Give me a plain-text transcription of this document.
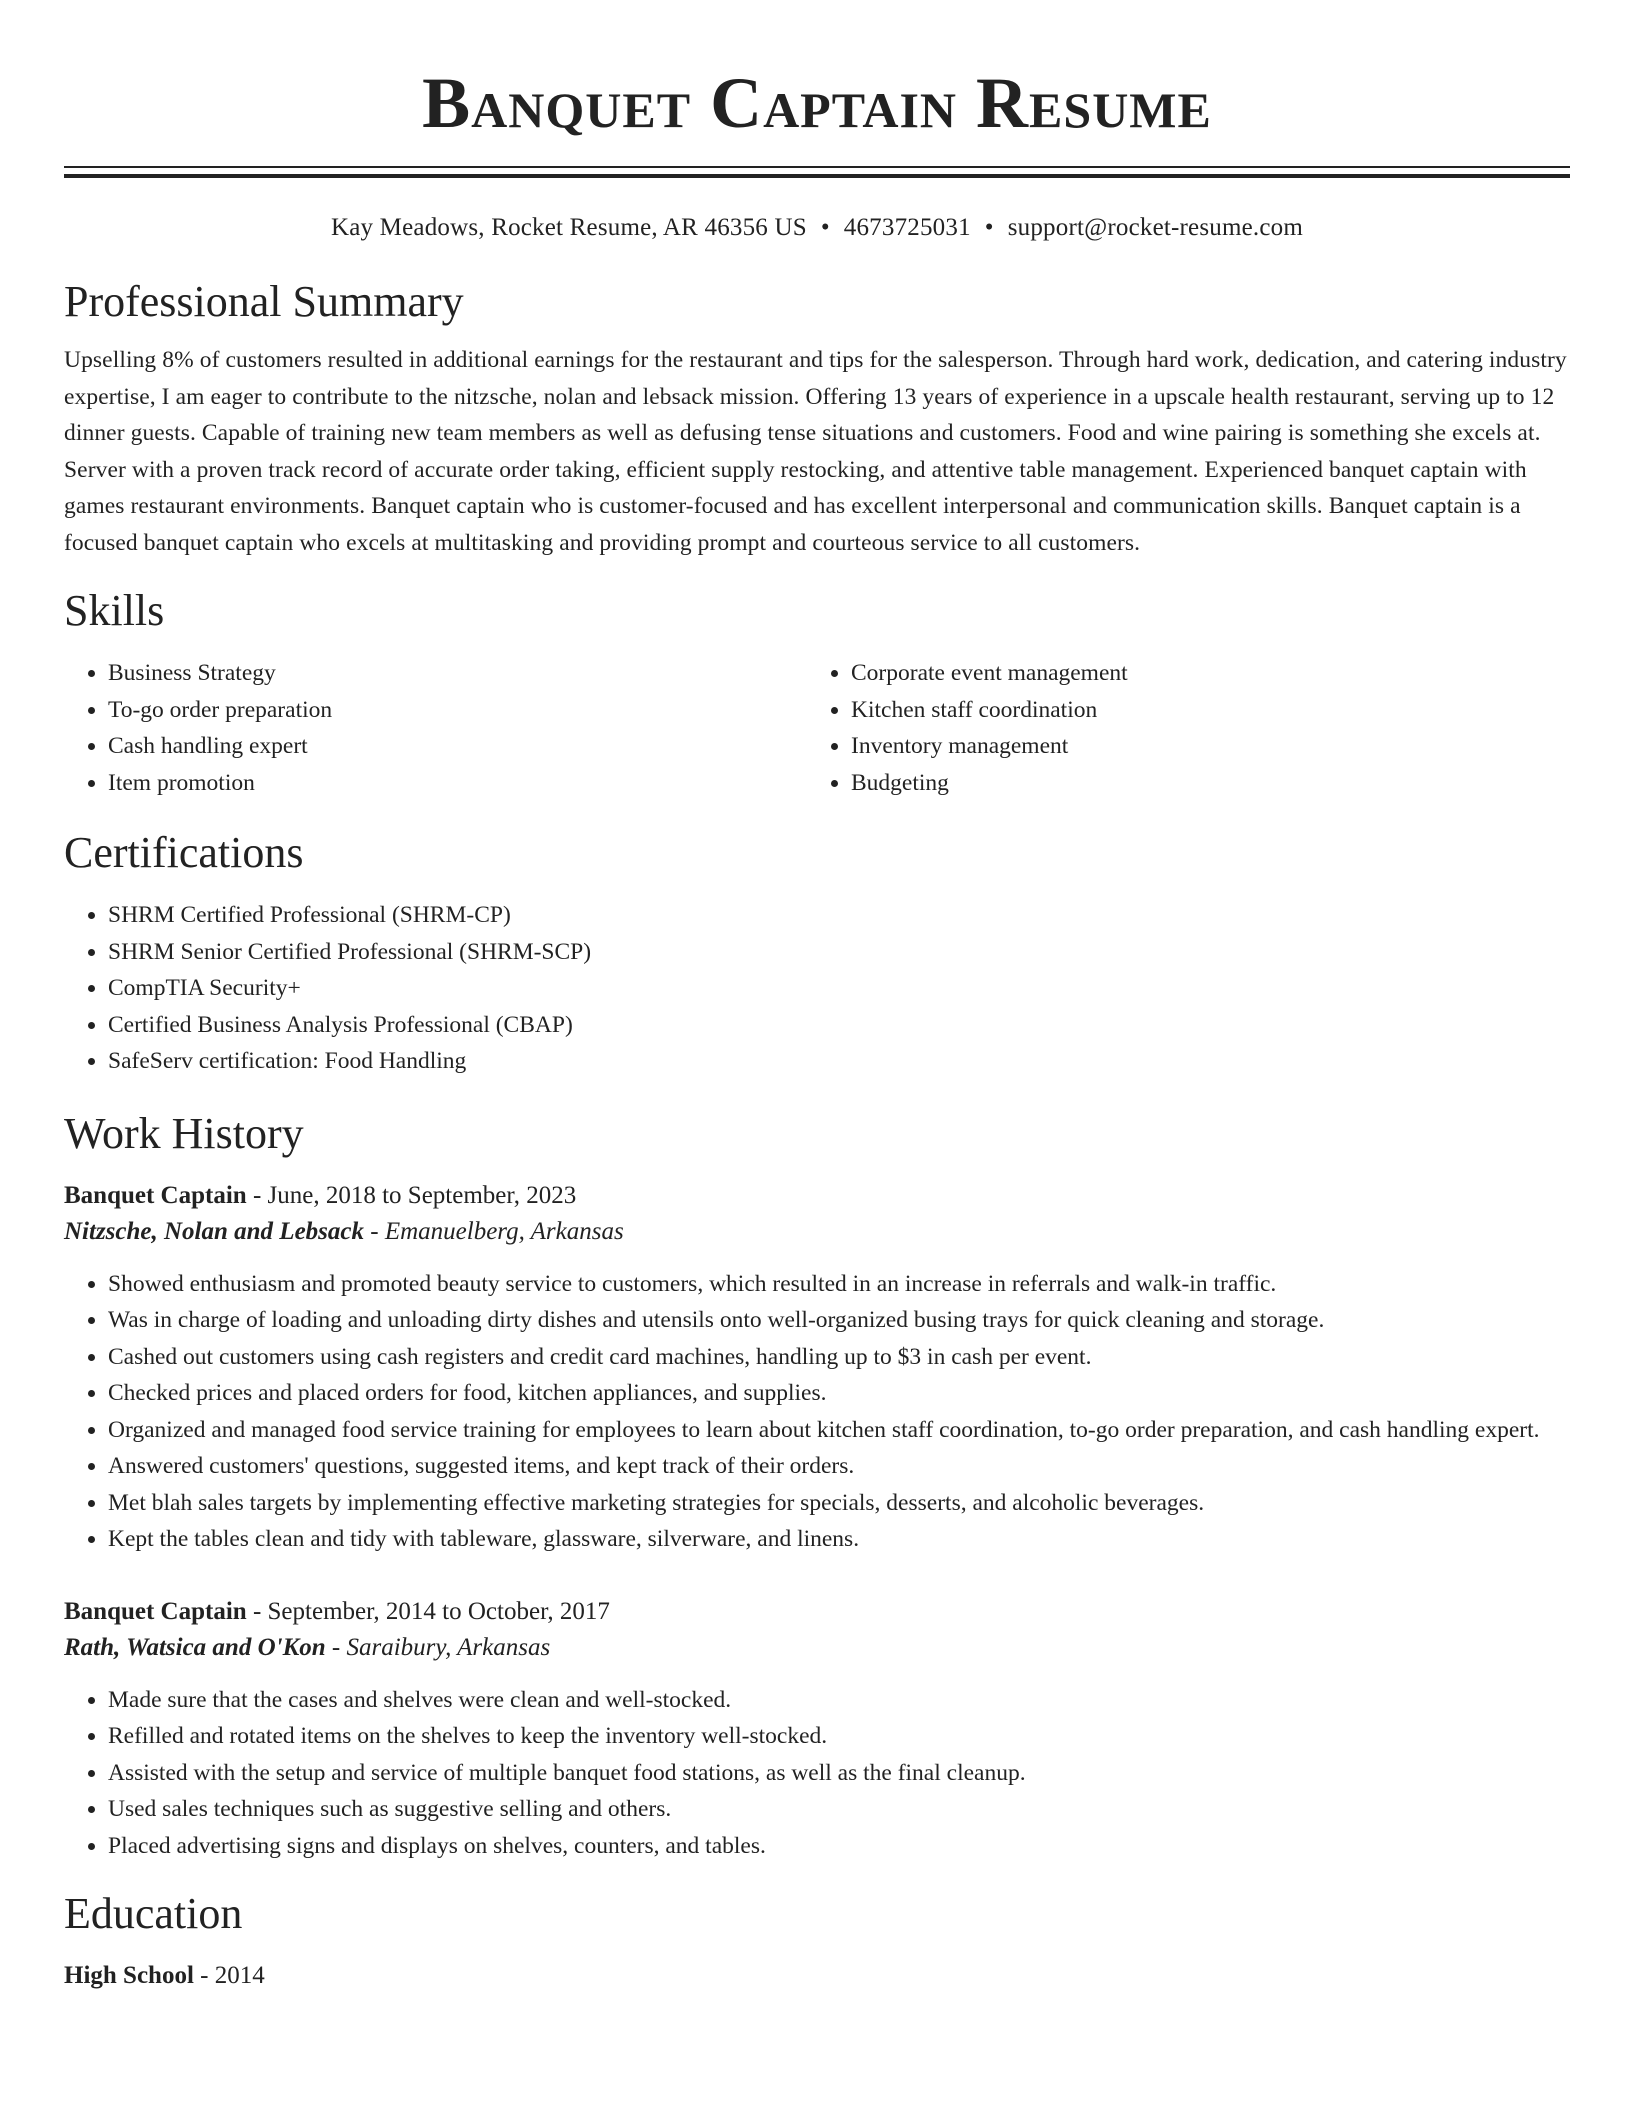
Banquet Captain Resume
Kay Meadows, Rocket Resume, AR 46356 US • 4673725031 • support@rocket-resume.com
Professional Summary
Upselling 8% of customers resulted in additional earnings for the restaurant and tips for the salesperson. Through hard work, dedication, and catering industry expertise, I am eager to contribute to the nitzsche, nolan and lebsack mission. Offering 13 years of experience in a upscale health restaurant, serving up to 12 dinner guests. Capable of training new team members as well as defusing tense situations and customers. Food and wine pairing is something she excels at. Server with a proven track record of accurate order taking, efficient supply restocking, and attentive table management. Experienced banquet captain with games restaurant environments. Banquet captain who is customer-focused and has excellent interpersonal and communication skills. Banquet captain is a focused banquet captain who excels at multitasking and providing prompt and courteous service to all customers.
Skills
• Business Strategy
• To-go order preparation
• Cash handling expert
• Item promotion
• Corporate event management
• Kitchen staff coordination
• Inventory management
• Budgeting
Certifications
• SHRM Certified Professional (SHRM-CP)
• SHRM Senior Certified Professional (SHRM-SCP)
• CompTIA Security+
• Certified Business Analysis Professional (CBAP)
• SafeServ certification: Food Handling
Work History
Banquet Captain - June, 2018 to September, 2023
Nitzsche, Nolan and Lebsack - Emanuelberg, Arkansas
• Showed enthusiasm and promoted beauty service to customers, which resulted in an increase in referrals and walk-in traffic.
• Was in charge of loading and unloading dirty dishes and utensils onto well-organized busing trays for quick cleaning and storage.
• Cashed out customers using cash registers and credit card machines, handling up to $3 in cash per event.
• Checked prices and placed orders for food, kitchen appliances, and supplies.
• Organized and managed food service training for employees to learn about kitchen staff coordination, to-go order preparation, and cash handling expert.
• Answered customers' questions, suggested items, and kept track of their orders.
• Met blah sales targets by implementing effective marketing strategies for specials, desserts, and alcoholic beverages.
• Kept the tables clean and tidy with tableware, glassware, silverware, and linens.
Banquet Captain - September, 2014 to October, 2017
Rath, Watsica and O'Kon - Saraibury, Arkansas
• Made sure that the cases and shelves were clean and well-stocked.
• Refilled and rotated items on the shelves to keep the inventory well-stocked.
• Assisted with the setup and service of multiple banquet food stations, as well as the final cleanup.
• Used sales techniques such as suggestive selling and others.
• Placed advertising signs and displays on shelves, counters, and tables.
Education
High School - 2014
